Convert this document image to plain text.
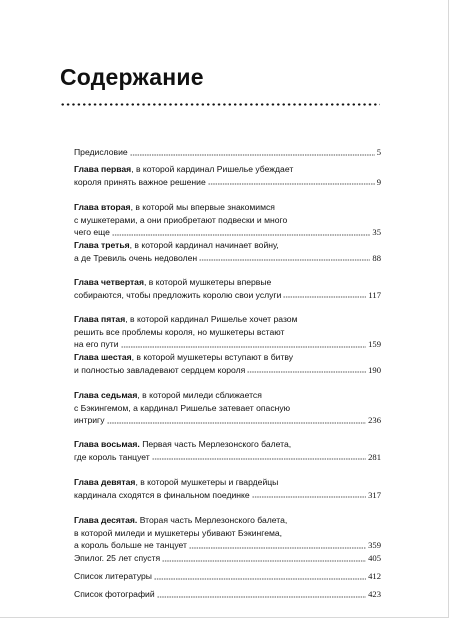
Содержание
Предисловие	5
Глава первая, в которой кардинал Ришелье убеждает
короля принять важное решение	9
Глава вторая, в которой мы впервые знакомимся
с мушкетерами, а они приобретают подвески и много
чего еще	35
Глава третья, в которой кардинал начинает войну,
а де Тревиль очень недоволен	88
Глава четвертая, в которой мушкетеры впервые
собираются, чтобы предложить королю свои услуги	117
Глава пятая, в которой кардинал Ришелье хочет разом
решить все проблемы короля, но мушкетеры встают
на его пути	159
Глава шестая, в которой мушкетеры вступают в битву
и полностью завладевают сердцем короля	190
Глава седьмая, в которой миледи сближается
с Бэкингемом, а кардинал Ришелье затевает опасную
интригу	236
Глава восьмая. Первая часть Мерлезонского балета,
где король танцует	281
Глава девятая, в которой мушкетеры и гвардейцы
кардинала сходятся в финальном поединке	317
Глава десятая. Вторая часть Мерлезонского балета,
в которой миледи и мушкетеры убивают Бэкингема,
а король больше не танцует	359
Эпилог. 25 лет спустя	405
Список литературы	412
Список фотографий	423
